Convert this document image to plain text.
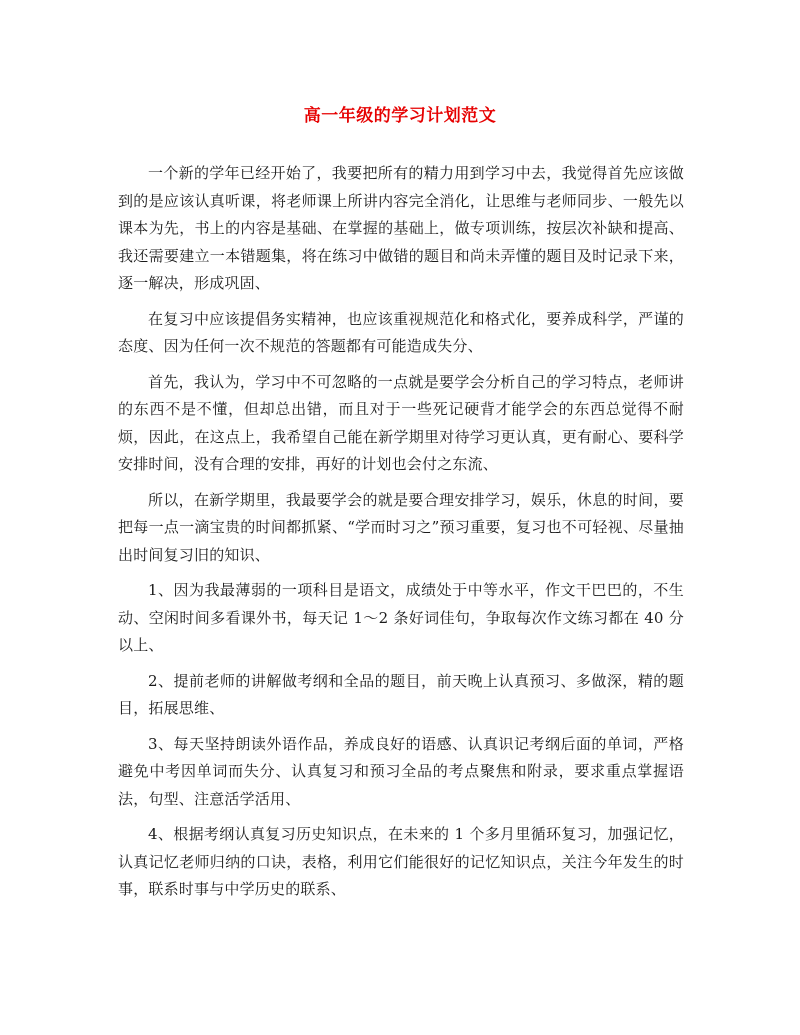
高一年级的学习计划范文

一个新的学年已经开始了，我要把所有的精力用到学习中去，我觉得首先应该做到的是应该认真听课，将老师课上所讲内容完全消化，让思维与老师同步、一般先以课本为先，书上的内容是基础、在掌握的基础上，做专项训练，按层次补缺和提高、我还需要建立一本错题集，将在练习中做错的题目和尚未弄懂的题目及时记录下来，逐一解决，形成巩固、

在复习中应该提倡务实精神，也应该重视规范化和格式化，要养成科学，严谨的态度、因为任何一次不规范的答题都有可能造成失分、

首先，我认为，学习中不可忽略的一点就是要学会分析自己的学习特点，老师讲的东西不是不懂，但却总出错，而且对于一些死记硬背才能学会的东西总觉得不耐烦，因此，在这点上，我希望自己能在新学期里对待学习更认真，更有耐心、要科学安排时间，没有合理的安排，再好的计划也会付之东流、

所以，在新学期里，我最要学会的就是要合理安排学习，娱乐，休息的时间，要把每一点一滴宝贵的时间都抓紧、“学而时习之”预习重要，复习也不可轻视、尽量抽出时间复习旧的知识、

1、因为我最薄弱的一项科目是语文，成绩处于中等水平，作文干巴巴的，不生动、空闲时间多看课外书，每天记 1～2 条好词佳句，争取每次作文练习都在 40 分以上、

2、提前老师的讲解做考纲和全品的题目，前天晚上认真预习、多做深，精的题目，拓展思维、

3、每天坚持朗读外语作品，养成良好的语感、认真识记考纲后面的单词，严格避免中考因单词而失分、认真复习和预习全品的考点聚焦和附录，要求重点掌握语法，句型、注意活学活用、

4、根据考纲认真复习历史知识点，在未来的 1 个多月里循环复习，加强记忆，认真记忆老师归纳的口诀，表格，利用它们能很好的记忆知识点，关注今年发生的时事，联系时事与中学历史的联系、
